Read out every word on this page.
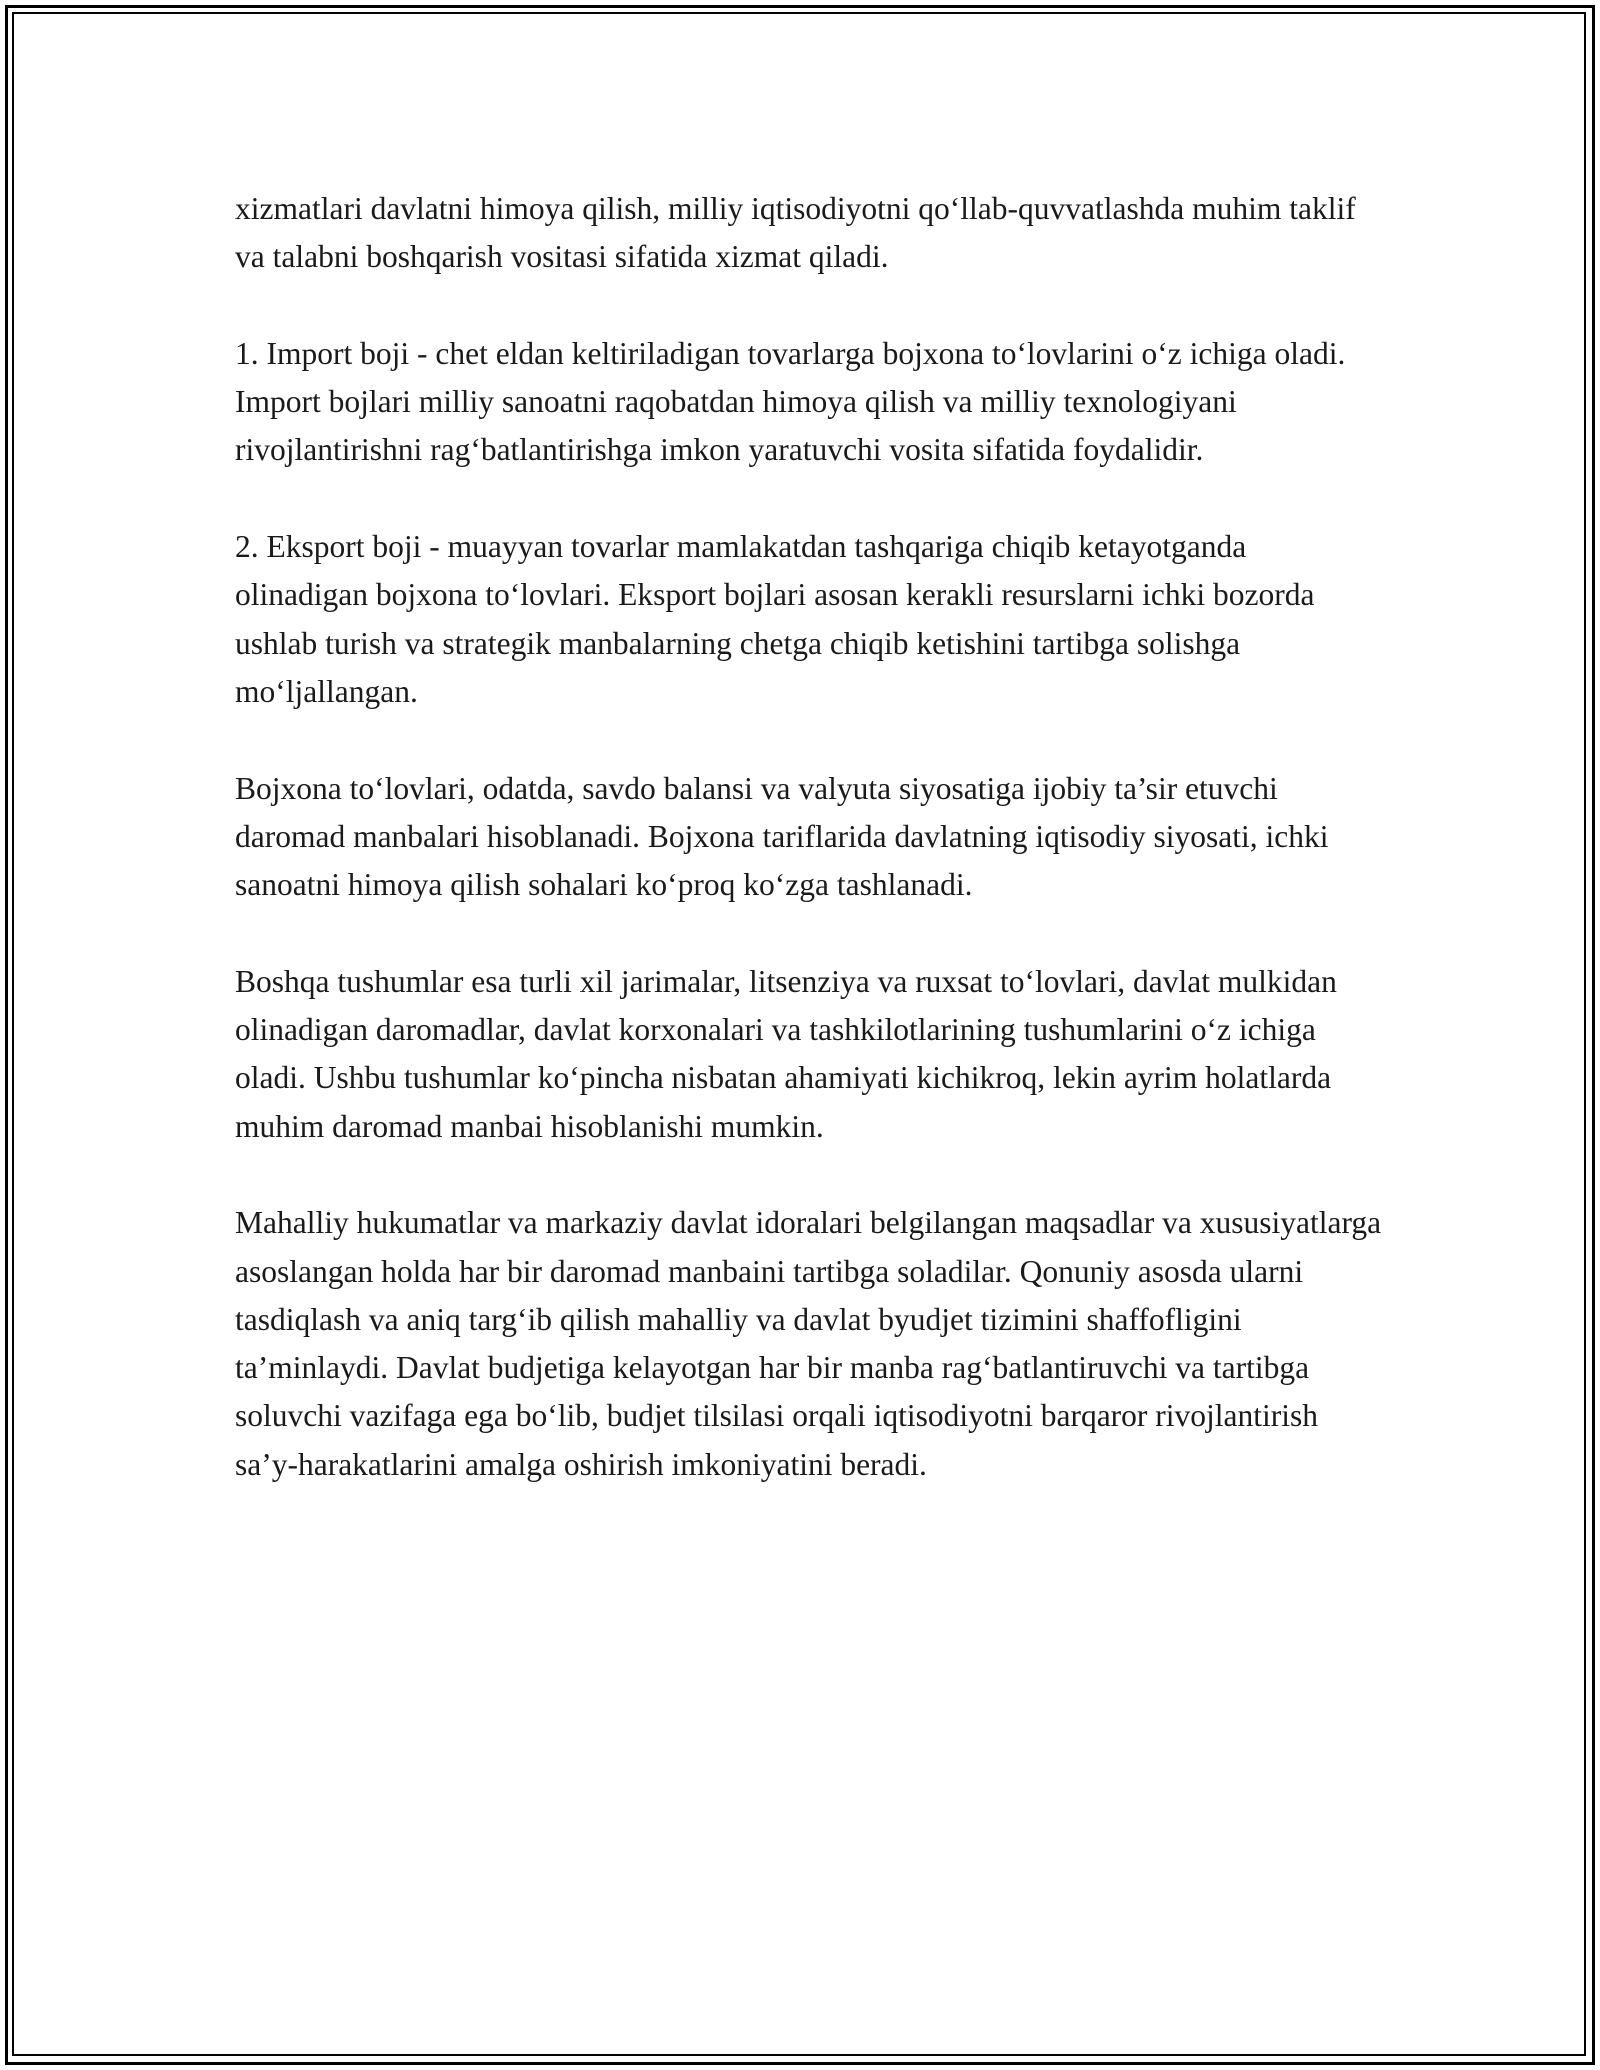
xizmatlari davlatni himoya qilish, milliy iqtisodiyotni qo‘llab-quvvatlashda muhim taklif va talabni boshqarish vositasi sifatida xizmat qiladi.

1. Import boji - chet eldan keltiriladigan tovarlarga bojxona to‘lovlarini o‘z ichiga oladi. Import bojlari milliy sanoatni raqobatdan himoya qilish va milliy texnologiyani rivojlantirishni rag‘batlantirishga imkon yaratuvchi vosita sifatida foydalidir.

2. Eksport boji - muayyan tovarlar mamlakatdan tashqariga chiqib ketayotganda olinadigan bojxona to‘lovlari. Eksport bojlari asosan kerakli resurslarni ichki bozorda ushlab turish va strategik manbalarning chetga chiqib ketishini tartibga solishga mo‘ljallangan.

Bojxona to‘lovlari, odatda, savdo balansi va valyuta siyosatiga ijobiy ta’sir etuvchi daromad manbalari hisoblanadi. Bojxona tariflarida davlatning iqtisodiy siyosati, ichki sanoatni himoya qilish sohalari ko‘proq ko‘zga tashlanadi.

Boshqa tushumlar esa turli xil jarimalar, litsenziya va ruxsat to‘lovlari, davlat mulkidan olinadigan daromadlar, davlat korxonalari va tashkilotlarining tushumlarini o‘z ichiga oladi. Ushbu tushumlar ko‘pincha nisbatan ahamiyati kichikroq, lekin ayrim holatlarda muhim daromad manbai hisoblanishi mumkin.

Mahalliy hukumatlar va markaziy davlat idoralari belgilangan maqsadlar va xususiyatlarga asoslangan holda har bir daromad manbaini tartibga soladilar. Qonuniy asosda ularni tasdiqlash va aniq targ‘ib qilish mahalliy va davlat byudjet tizimini shaffofligini ta’minlaydi. Davlat budjetiga kelayotgan har bir manba rag‘batlantiruvchi va tartibga soluvchi vazifaga ega bo‘lib, budjet tilsilasi orqali iqtisodiyotni barqaror rivojlantirish sa’y-harakatlarini amalga oshirish imkoniyatini beradi.
